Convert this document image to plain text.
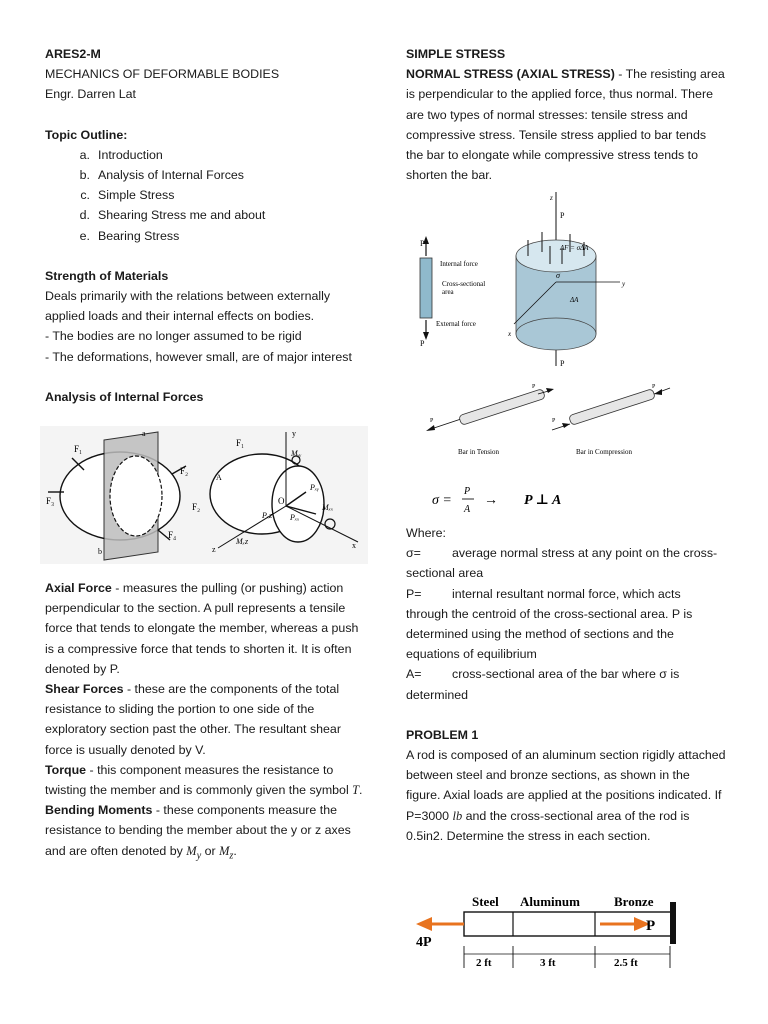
ARES2-M
MECHANICS OF DEFORMABLE BODIES
Engr. Darren Lat
Topic Outline:
a. Introduction
b. Analysis of Internal Forces
c. Simple Stress
d. Shearing Stress me and about
e. Bearing Stress
Strength of Materials
Deals primarily with the relations between externally applied loads and their internal effects on bodies.
- The bodies are no longer assumed to be rigid
- The deformations, however small, are of major interest
Analysis of Internal Forces
F₁
F₃
F₂
F₄
a
b
F₁
y
Mᵧᵧ
Pₓᵧ
O
Pₓz Pₓₓ
Mₓₓ
Mₓz
z	x
A
F₂
Axial Force - measures the pulling (or pushing) action perpendicular to the section. A pull represents a tensile force that tends to elongate the member, whereas a push is a compressive force that tends to shorten it. It is often denoted by P.
Shear Forces - these are the components of the total resistance to sliding the portion to one side of the exploratory section past the other. The resultant shear force is usually denoted by V.
Torque - this component measures the resistance to twisting the member and is commonly given the symbol T.
Bending Moments - these components measure the resistance to bending the member about the y or z axes and are often denoted by $M_y$ or $M_z$.
SIMPLE STRESS
NORMAL STRESS (AXIAL STRESS) - The resisting area is perpendicular to the applied force, thus normal. There are two types of normal stresses: tensile stress and compressive stress. Tensile stress applied to bar tends the bar to elongate while compressive stress tends to shorten the bar.
P
P
Internal force
Cross-sectional
area
External force
P
P
ΔF = σΔA
ΔA
σ
y
x
z
P
P
P
P
Bar in Tension	Bar in Compression
σ =
P
A
→ P ⊥ A
Where:
σ=	average normal stress at any point on the cross-sectional area
P= internal resultant normal force, which acts through the centroid of the cross-sectional area. P is determined using the method of sections and the equations of equilibrium
A= cross-sectional area of the bar where σ is determined
PROBLEM 1
A rod is composed of an aluminum section rigidly attached between steel and bronze sections, as shown in the figure. Axial loads are applied at the positions indicated. If P=3000 lb and the cross-sectional area of the rod is 0.5in2. Determine the stress in each section.
Steel Aluminum	Bronze
4P
P
2 ft	3 ft	2.5 ft
